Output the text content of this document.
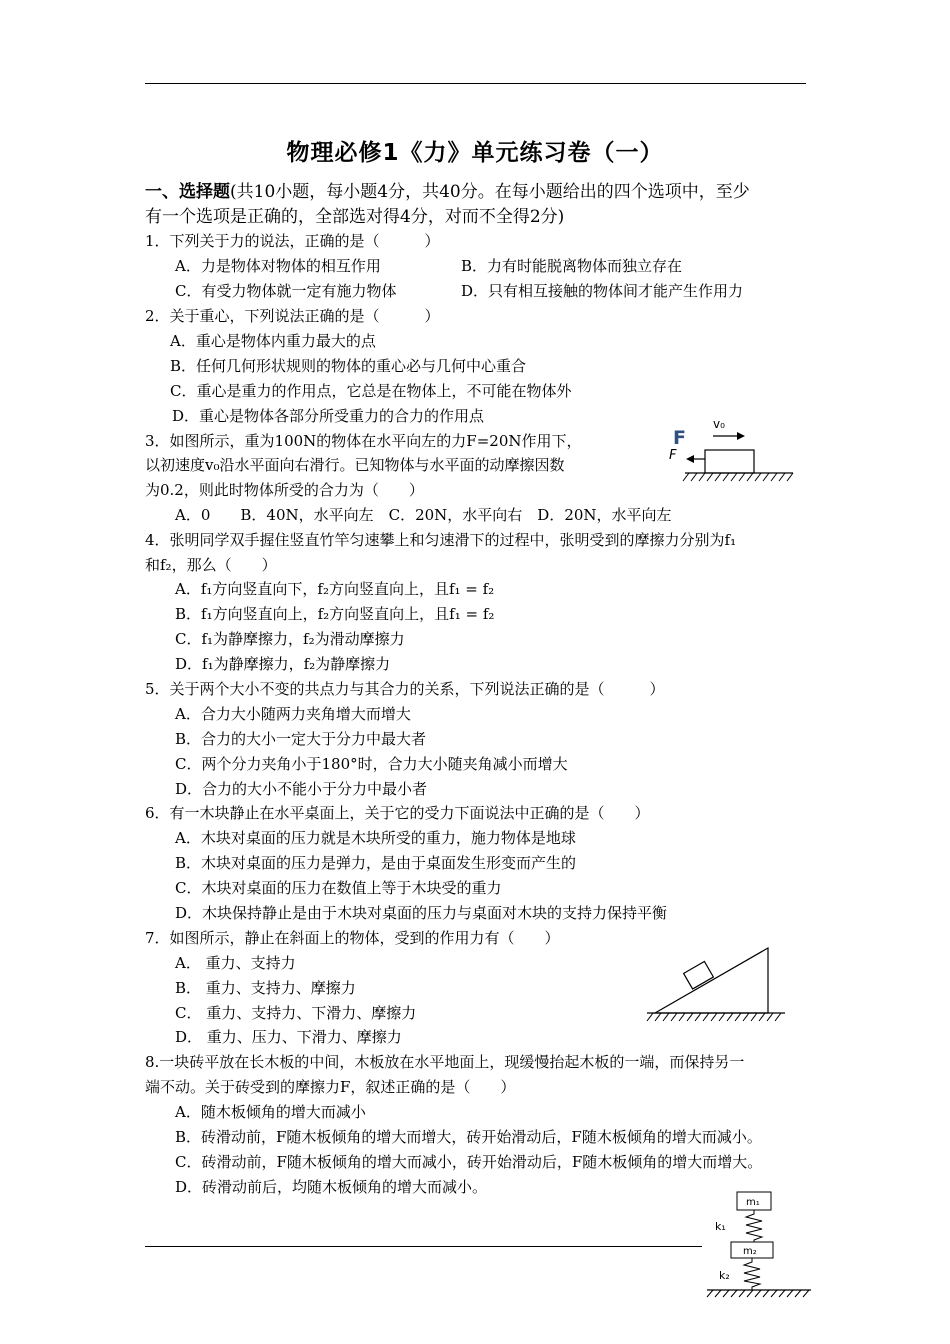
物理必修1《力》单元练习卷（一）
一、选择题(共10小题，每小题4分，共40分。在每小题给出的四个选项中，至少
有一个选项是正确的，全部选对得4分，对而不全得2分)
1．下列关于力的说法，正确的是（　　　）
A．力是物体对物体的相互作用	B．力有时能脱离物体而独立存在
C．有受力物体就一定有施力物体	D．只有相互接触的物体间才能产生作用力
2．关于重心，下列说法正确的是（　　　）
A．重心是物体内重力最大的点
B．任何几何形状规则的物体的重心必与几何中心重合
C．重心是重力的作用点，它总是在物体上，不可能在物体外
D．重心是物体各部分所受重力的合力的作用点
3．如图所示，重为100N的物体在水平向左的力F=20N作用下，
以初速度v₀沿水平面向右滑行。已知物体与水平面的动摩擦因数
为0.2，则此时物体所受的合力为（　　）
A．0　　B．40N，水平向左　C．20N，水平向右　D．20N，水平向左
F
v₀
F
4．张明同学双手握住竖直竹竿匀速攀上和匀速滑下的过程中，张明受到的摩擦力分别为f₁
和f₂，那么（　　）
A．f₁方向竖直向下，f₂方向竖直向上，且f₁ = f₂
B．f₁方向竖直向上，f₂方向竖直向上，且f₁ = f₂
C．f₁为静摩擦力，f₂为滑动摩擦力
D．f₁为静摩擦力，f₂为静摩擦力
5．关于两个大小不变的共点力与其合力的关系，下列说法正确的是（　　　）
A．合力大小随两力夹角增大而增大
B．合力的大小一定大于分力中最大者
C．两个分力夹角小于180°时，合力大小随夹角减小而增大
D．合力的大小不能小于分力中最小者
6．有一木块静止在水平桌面上，关于它的受力下面说法中正确的是（　　）
A．木块对桌面的压力就是木块所受的重力，施力物体是地球
B．木块对桌面的压力是弹力，是由于桌面发生形变而产生的
C．木块对桌面的压力在数值上等于木块受的重力
D．木块保持静止是由于木块对桌面的压力与桌面对木块的支持力保持平衡
7．如图所示，静止在斜面上的物体，受到的作用力有（　　）
A． 重力、支持力
B． 重力、支持力、摩擦力
C． 重力、支持力、下滑力、摩擦力
D． 重力、压力、下滑力、摩擦力
8.一块砖平放在长木板的中间，木板放在水平地面上，现缓慢抬起木板的一端，而保持另一
端不动。关于砖受到的摩擦力F，叙述正确的是（　　）
A．随木板倾角的增大而减小
B．砖滑动前，F随木板倾角的增大而增大，砖开始滑动后，F随木板倾角的增大而减小。
C．砖滑动前，F随木板倾角的增大而减小，砖开始滑动后，F随木板倾角的增大而增大。
D．砖滑动前后，均随木板倾角的增大而减小。
m₁
k₁
m₂
k₂
